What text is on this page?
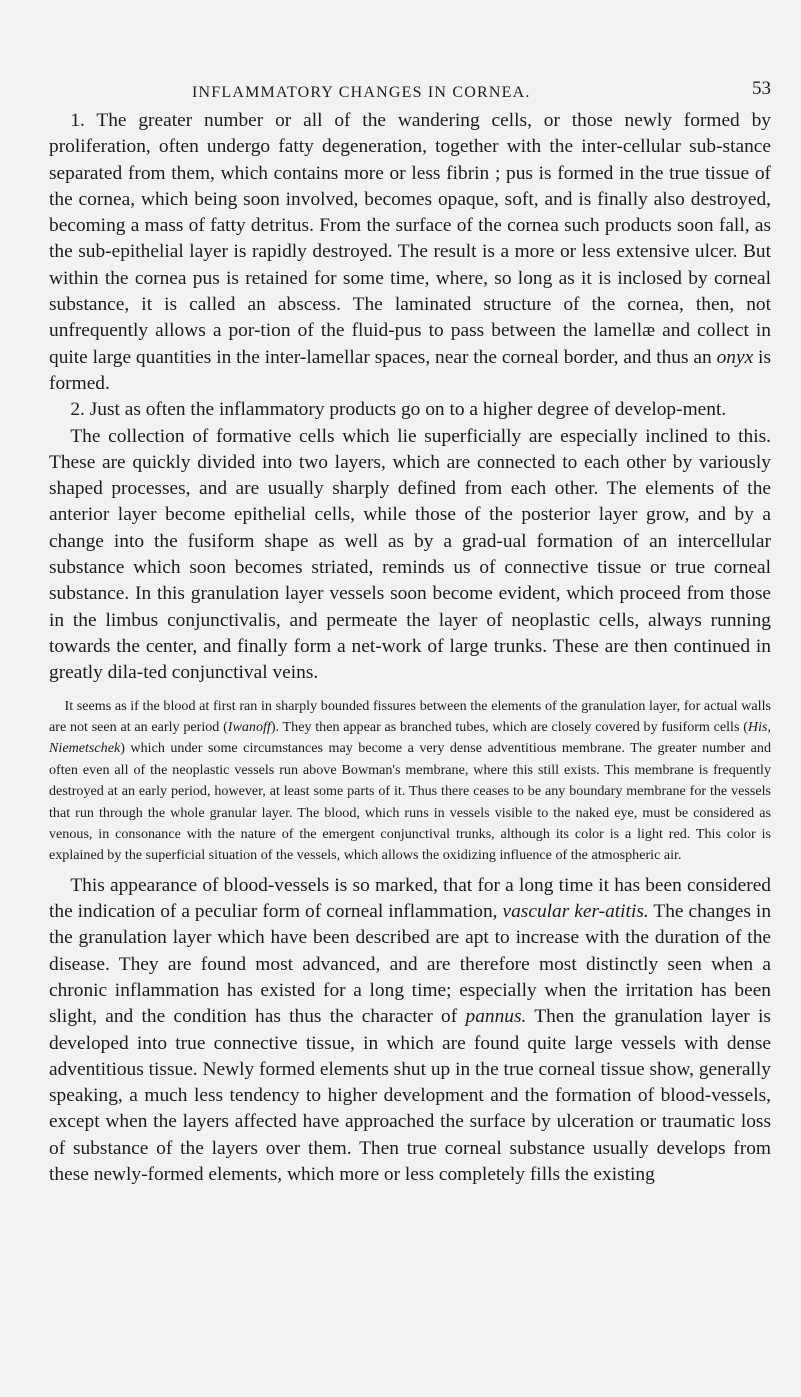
INFLAMMATORY CHANGES IN CORNEA.	53

1. The greater number or all of the wandering cells, or those newly formed by proliferation, often undergo fatty degeneration, together with the inter-cellular sub-stance separated from them, which contains more or less fibrin ; pus is formed in the true tissue of the cornea, which being soon involved, becomes opaque, soft, and is finally also destroyed, becoming a mass of fatty detritus. From the surface of the cornea such products soon fall, as the sub-epithelial layer is rapidly destroyed. The result is a more or less extensive ulcer. But within the cornea pus is retained for some time, where, so long as it is inclosed by corneal substance, it is called an abscess. The laminated structure of the cornea, then, not unfrequently allows a por-tion of the fluid-pus to pass between the lamellæ and collect in quite large quantities in the inter-lamellar spaces, near the corneal border, and thus an onyx is formed.

2. Just as often the inflammatory products go on to a higher degree of develop-ment.

The collection of formative cells which lie superficially are especially inclined to this. These are quickly divided into two layers, which are connected to each other by variously shaped processes, and are usually sharply defined from each other. The elements of the anterior layer become epithelial cells, while those of the posterior layer grow, and by a change into the fusiform shape as well as by a grad-ual formation of an intercellular substance which soon becomes striated, reminds us of connective tissue or true corneal substance. In this granulation layer vessels soon become evident, which proceed from those in the limbus conjunctivalis, and permeate the layer of neoplastic cells, always running towards the center, and finally form a net-work of large trunks. These are then continued in greatly dila-ted conjunctival veins.

It seems as if the blood at first ran in sharply bounded fissures between the elements of the granulation layer, for actual walls are not seen at an early period (Iwanoff). They then appear as branched tubes, which are closely covered by fusiform cells (His, Niemetschek) which under some circumstances may become a very dense adventitious membrane. The greater number and often even all of the neoplastic vessels run above Bowman's membrane, where this still exists. This membrane is frequently destroyed at an early period, however, at least some parts of it. Thus there ceases to be any boundary membrane for the vessels that run through the whole granular layer. The blood, which runs in vessels visible to the naked eye, must be considered as venous, in consonance with the nature of the emergent conjunctival trunks, although its color is a light red. This color is explained by the superficial situation of the vessels, which allows the oxidizing influence of the atmospheric air.

This appearance of blood-vessels is so marked, that for a long time it has been considered the indication of a peculiar form of corneal inflammation, vascular ker-atitis. The changes in the granulation layer which have been described are apt to increase with the duration of the disease. They are found most advanced, and are therefore most distinctly seen when a chronic inflammation has existed for a long time; especially when the irritation has been slight, and the condition has thus the character of pannus. Then the granulation layer is developed into true connective tissue, in which are found quite large vessels with dense adventitious tissue. Newly formed elements shut up in the true corneal tissue show, generally speaking, a much less tendency to higher development and the formation of blood-vessels, except when the layers affected have approached the surface by ulceration or traumatic loss of substance of the layers over them. Then true corneal substance usually develops from these newly-formed elements, which more or less completely fills the existing
